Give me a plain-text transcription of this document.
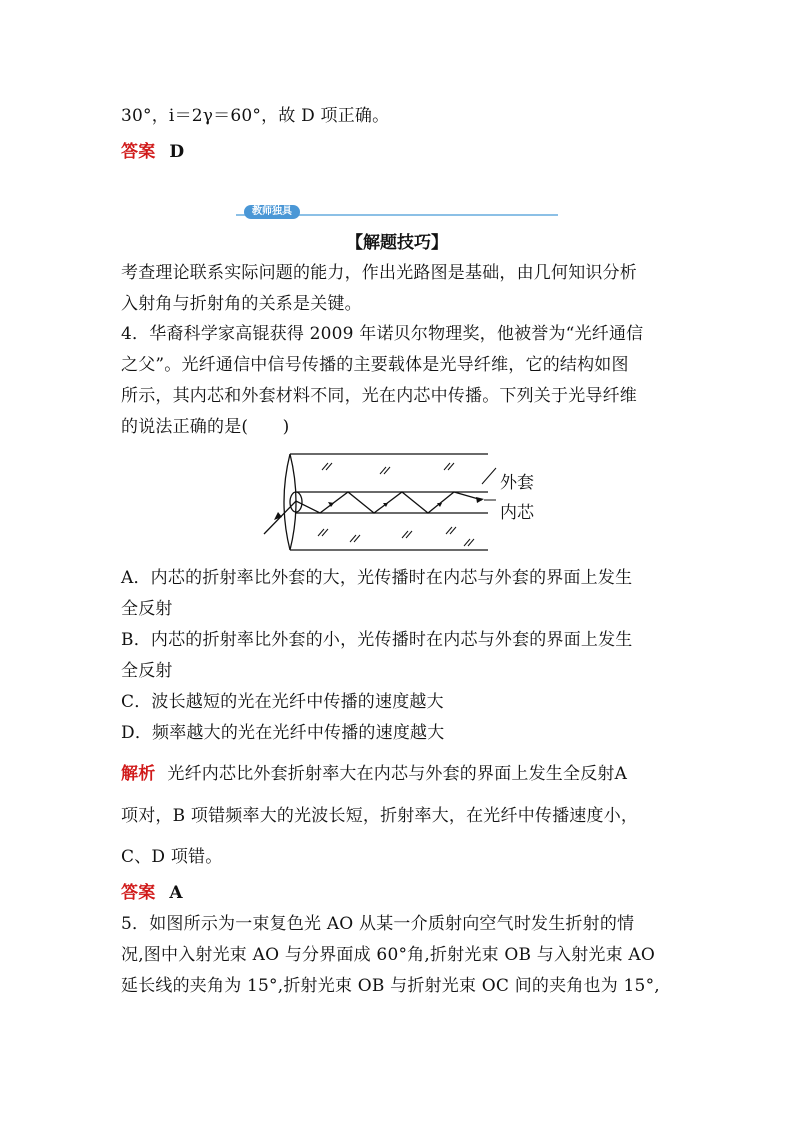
30°，i＝2γ＝60°，故 D 项正确。
答案 D
教师独具
【解题技巧】
考查理论联系实际问题的能力，作出光路图是基础，由几何知识分析
入射角与折射角的关系是关键。
4．华裔科学家高锟获得 2009 年诺贝尔物理奖，他被誉为“光纤通信
之父”。光纤通信中信号传播的主要载体是光导纤维，它的结构如图
所示，其内芯和外套材料不同，光在内芯中传播。下列关于光导纤维
的说法正确的是(　　)
外套
内芯
A．内芯的折射率比外套的大，光传播时在内芯与外套的界面上发生
全反射
B．内芯的折射率比外套的小，光传播时在内芯与外套的界面上发生
全反射
C．波长越短的光在光纤中传播的速度越大
D．频率越大的光在光纤中传播的速度越大
解析 光纤内芯比外套折射率大在内芯与外套的界面上发生全反射A
项对，B 项错频率大的光波长短，折射率大，在光纤中传播速度小，
C、D 项错。
答案 A
5．如图所示为一束复色光 AO 从某一介质射向空气时发生折射的情
况,图中入射光束 AO 与分界面成 60°角,折射光束 OB 与入射光束 AO
延长线的夹角为 15°,折射光束 OB 与折射光束 OC 间的夹角也为 15°,
